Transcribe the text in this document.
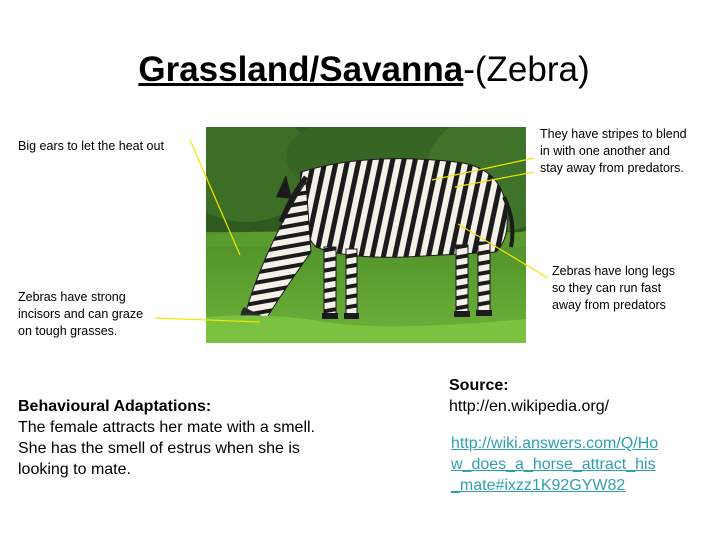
Grassland/Savanna-(Zebra)
Big ears to let the heat out
They have stripes to blend
in with one another and
stay away from predators.
Zebras have long legs
so they can run fast
away from predators
Zebras have strong
incisors and can graze
on tough grasses.
Behavioural Adaptations:
The female attracts her mate with a smell.
She has the smell of estrus when she is
looking to mate.
Source:
http://en.wikipedia.org/
http://wiki.answers.com/Q/Ho
w_does_a_horse_attract_his
_mate#ixzz1K92GYW82
